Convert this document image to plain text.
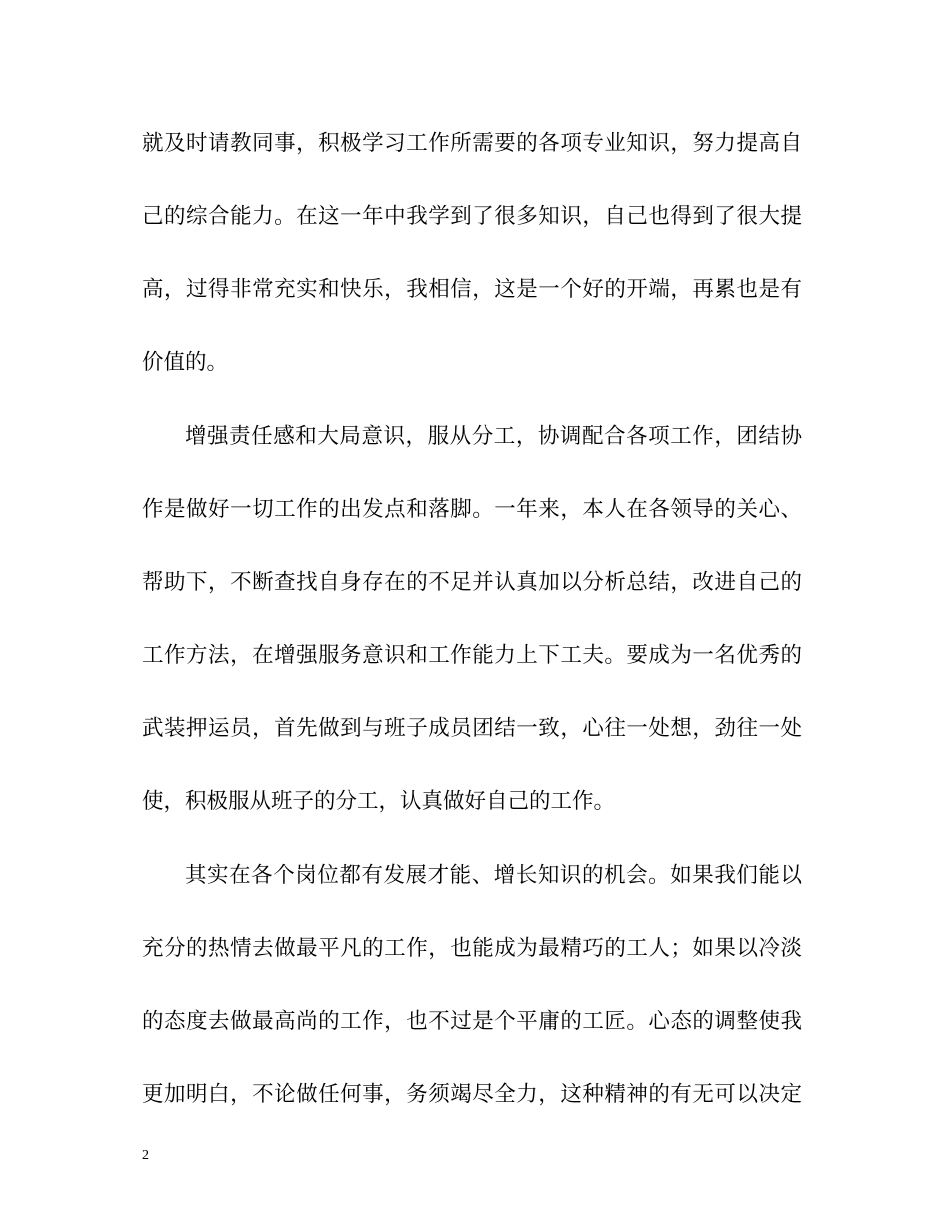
就及时请教同事，积极学习工作所需要的各项专业知识，努力提高自
己的综合能力。在这一年中我学到了很多知识，自己也得到了很大提
高，过得非常充实和快乐，我相信，这是一个好的开端，再累也是有
价值的。
增强责任感和大局意识，服从分工，协调配合各项工作，团结协
作是做好一切工作的出发点和落脚。一年来，本人在各领导的关心、
帮助下，不断查找自身存在的不足并认真加以分析总结，改进自己的
工作方法，在增强服务意识和工作能力上下工夫。要成为一名优秀的
武装押运员，首先做到与班子成员团结一致，心往一处想，劲往一处
使，积极服从班子的分工，认真做好自己的工作。
其实在各个岗位都有发展才能、增长知识的机会。如果我们能以
充分的热情去做最平凡的工作，也能成为最精巧的工人；如果以冷淡
的态度去做最高尚的工作，也不过是个平庸的工匠。心态的调整使我
更加明白，不论做任何事，务须竭尽全力，这种精神的有无可以决定
2
